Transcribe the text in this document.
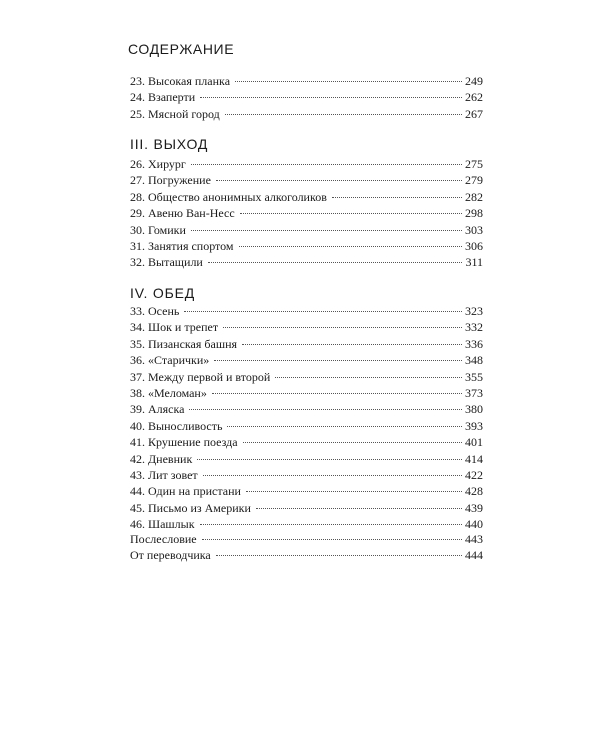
СОДЕРЖАНИЕ
23. Высокая планка	249
24. Взаперти	262
25. Мясной город	267
III. ВЫХОД
26. Хирург	275
27. Погружение	279
28. Общество анонимных алкоголиков	282
29. Авеню Ван-Несс	298
30. Гомики	303
31. Занятия спортом	306
32. Вытащили	311
IV. ОБЕД
33. Осень	323
34. Шок и трепет	332
35. Пизанская башня	336
36. «Старички»	348
37. Между первой и второй	355
38. «Меломан»	373
39. Аляска	380
40. Выносливость	393
41. Крушение поезда	401
42. Дневник	414
43. Лит зовет	422
44. Один на пристани	428
45. Письмо из Америки	439
46. Шашлык	440
Послесловие	443
От переводчика	444
